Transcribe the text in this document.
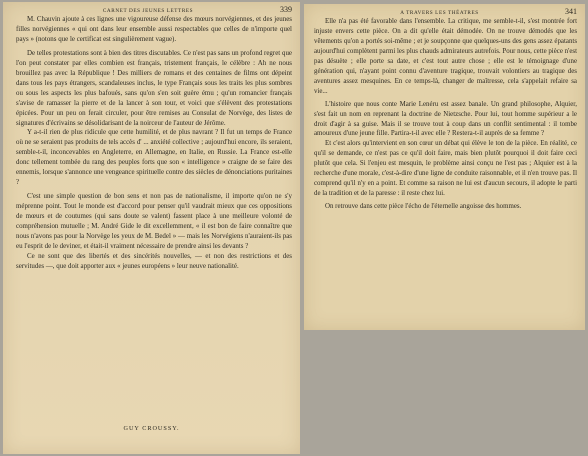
CARNET DES JEUNES LETTRES	339

M. Chauvin ajoute à ces lignes une vigoureuse défense des mœurs norvégiennes, et des jeunes filles norvégiennes « qui ont dans leur ensemble aussi respectables que celles de n'importe quel pays » (notons que le certificat est singulièrement vague).

De telles protestations sont à bien des titres discutables. Ce n'est pas sans un profond regret que l'on peut constater par elles combien est français, tristement français, le célèbre : Ah ne nous brouillez pas avec la République ! Des milliers de romans et des centaines de films ont dépeint dans tous les pays étrangers, scandaleuses inclus, le type Français sous les traits les plus sombres ou sous les aspects les plus bafoués, sans qu'on s'en soit guère ému ; qu'un romancier français s'avise de ramasser la pierre et de la lancer à son tour, et voici que s'élèvent des protestations épicées. Pour un peu on ferait circuler, pour être remises au Consulat de Norvège, des listes de signatures d'écrivains se désolidarisant de la noirceur de l'auteur de Jérôme.

Y a-t-il rien de plus ridicule que cette humilité, et de plus navrant ? Il fut un temps de France où ne se seraient pas produits de tels accès d' ... anxiété collective ; aujourd'hui encore, ils seraient, semble-t-il, inconcevables en Angleterre, en Allemagne, en Italie, en Russie. La France est-elle donc tellement tombée du rang des peuples forts que son « intelligence » craigne de se faire des ennemis, lorsque s'annonce une vengeance spirituelle contre des siècles de dénonciations puritaines ?

C'est une simple question de bon sens et non pas de nationalisme, il importe qu'on ne s'y méprenne point. Tout le monde est d'accord pour penser qu'il vaudrait mieux que ces oppositions de mœurs et de coutumes (qui sans doute se valent) fassent place à une meilleure volonté de compréhension mutuelle ; M. André Gide le dit excellemment, « il est bon de faire connaître que nous n'avons pas pour la Norvège les yeux de M. Bedel » — mais les Norvégiens n'auraient-ils pas eu l'esprit de le deviner, et était-il vraiment nécessaire de prendre ainsi les devants ?

Ce ne sont que des libertés et des sincérités nouvelles, — et non des restrictions et des servitudes —, que doit apporter aux « jeunes européens » leur neuve nationalité.

GUY CROUSSY.
A TRAVERS LES THÉATRES	341

Elle n'a pas été favorable dans l'ensemble. La critique, me semble-t-il, s'est montrée fort injuste envers cette pièce. On a dit qu'elle était démodée. On ne trouve démodés que les vêtements qu'on a portés soi-même ; et je soupçonne que quelques-uns des gens assez épatants aujourd'hui complètent parmi les plus chauds admirateurs autrefois. Pour nous, cette pièce n'est pas désuète ; elle porte sa date, et c'est tout autre chose ; elle est le témoignage d'une génération qui, n'ayant point connu d'aventure tragique, trouvait volontiers au tragique des aventures assez mesquines. En ce temps-là, changer de maîtresse, cela s'appelait refaire sa vie...

L'histoire que nous conte Marie Lenéru est assez banale. Un grand philosophe, Alquier, s'est fait un nom en reprenant la doctrine de Nietzsche. Pour lui, tout homme supérieur a le droit d'agir à sa guise. Mais il se trouve tout à coup dans un conflit sentimental : il tombe amoureux d'une jeune fille. Partira-t-il avec elle ? Restera-t-il auprès de sa femme ?

Et c'est alors qu'intervient en son cœur un débat qui élève le ton de la pièce. En réalité, ce qu'il se demande, ce n'est pas ce qu'il doit faire, mais bien plutôt pourquoi il doit faire ceci plutôt que cela. Si l'enjeu est mesquin, le problème ainsi conçu ne l'est pas ; Alquier est à la recherche d'une morale, c'est-à-dire d'une ligne de conduite raisonnable, et il n'en trouve pas. Il comprend qu'il n'y en a point. Et comme sa raison ne lui est d'aucun secours, il adopte le parti de la tradition et de la paresse : il reste chez lui.

On retrouve dans cette pièce l'écho de l'éternelle angoisse des hommes.
